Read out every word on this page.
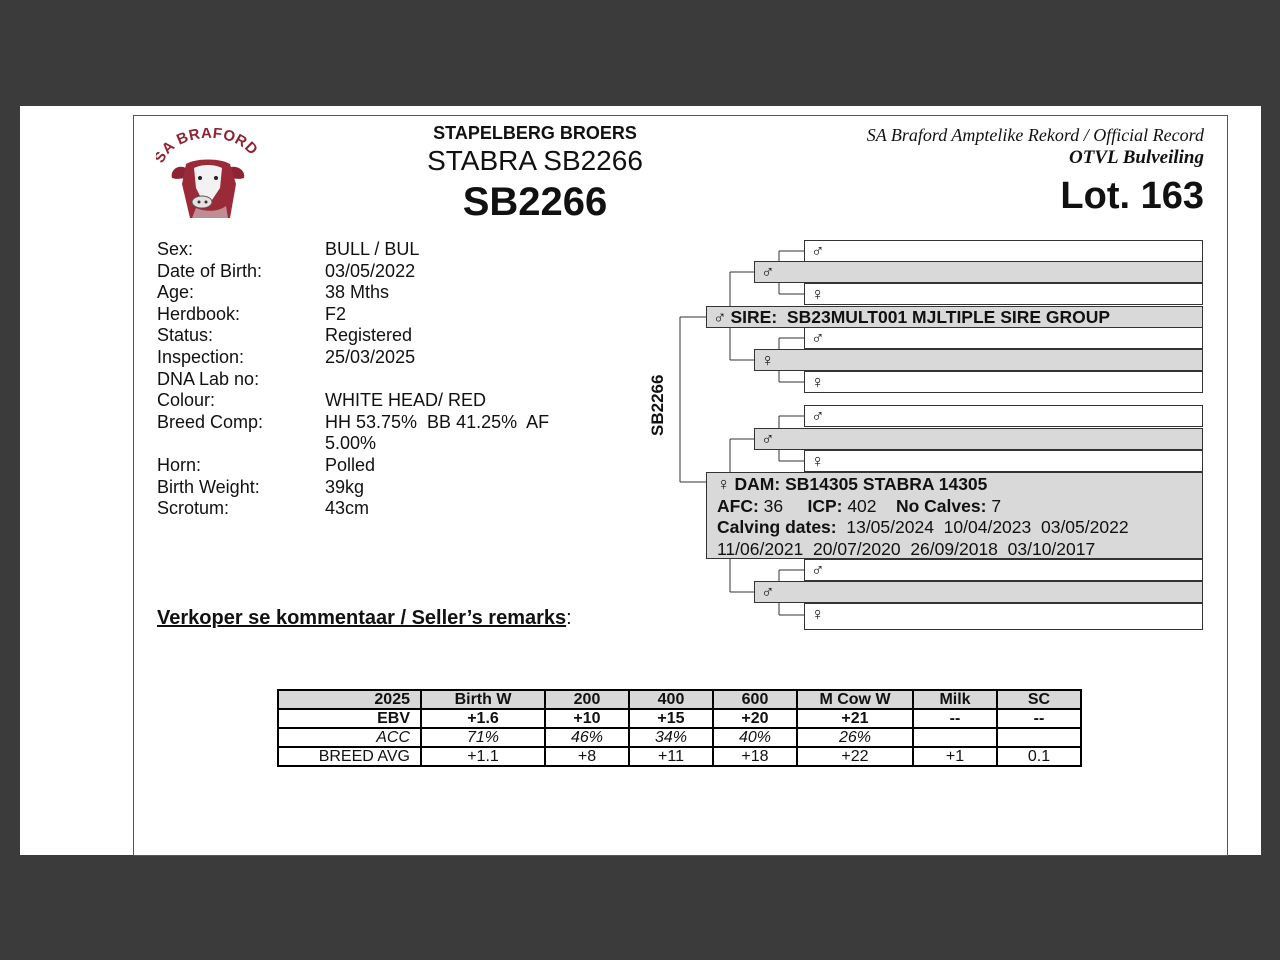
A BRAFORD
STAPELBERG BROERS
STABRA SB2266
SB2266
SA Braford Amptelike Rekord / Official Record
OTVL Bulveiling
Lot. 163
Sex:	BULL / BUL
Date of Birth:	03/05/2022
Age:	38 Mths
Herdbook:	F2
Status:	Registered
Inspection:	25/03/2025
DNA Lab no:
Colour:	WHITE HEAD/ RED
Breed Comp:	HH 53.75%  BB 41.25%  AF 5.00%
Horn:	Polled
Birth Weight:	39kg
Scrotum:	43cm
Verkoper se kommentaar / Seller’s remarks:
SB2266
♂
♀
♂
♀
♂
♀
♂
♀
♂
♀
♂
♂
♂ SIRE: SB23MULT001 MJLTIPLE SIRE GROUP
♀ DAM: SB14305 STABRA 14305
AFC: 36 ICP: 402 No Calves: 7
Calving dates: 13/05/2024  10/04/2023  03/05/2022
11/06/2021  20/07/2020  26/09/2018  03/10/2017
2025	Birth W	200	400	600	M Cow W	Milk	SC
EBV	+1.6	+10	+15	+20	+21	--	--
ACC	71%	46%	34%	40%	26%		
BREED AVG	+1.1	+8	+11	+18	+22	+1	0.1
